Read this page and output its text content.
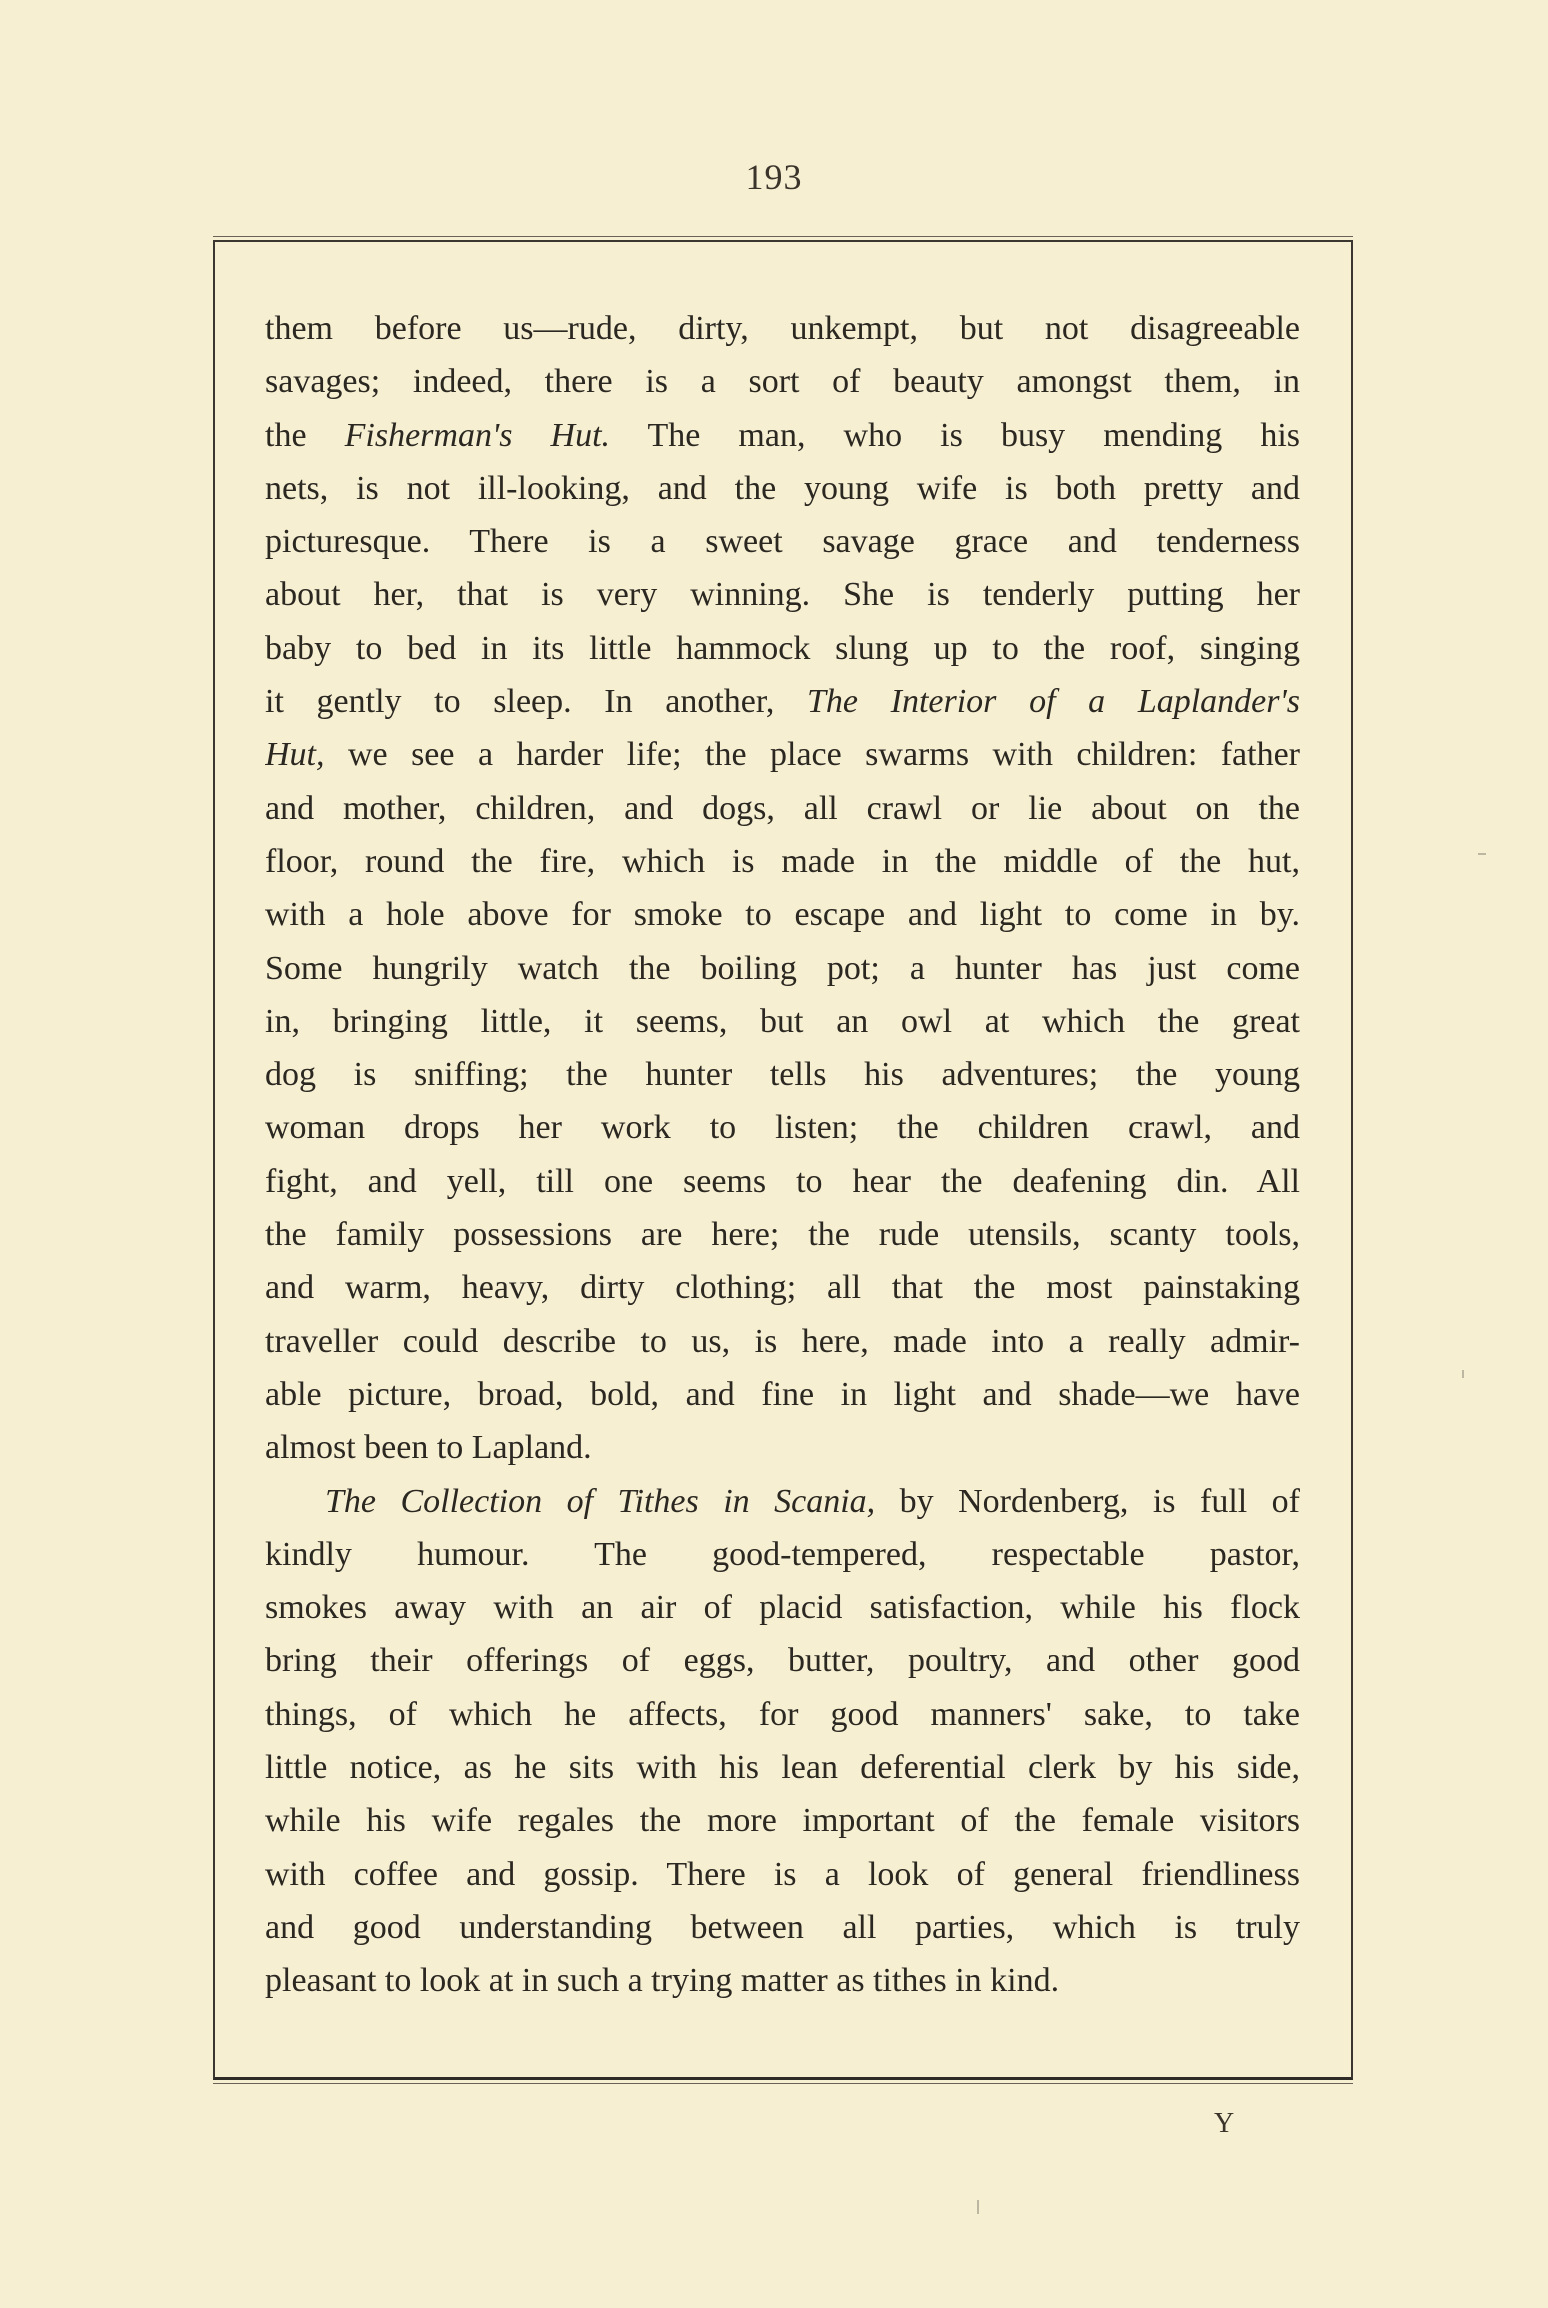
193
them before us—rude, dirty, unkempt, but not disagreeable
savages; indeed, there is a sort of beauty amongst them, in
the Fisherman's Hut. The man, who is busy mending his
nets, is not ill-looking, and the young wife is both pretty and
picturesque. There is a sweet savage grace and tenderness
about her, that is very winning. She is tenderly putting her
baby to bed in its little hammock slung up to the roof, singing
it gently to sleep. In another, The Interior of a Laplander's
Hut, we see a harder life; the place swarms with children: father
and mother, children, and dogs, all crawl or lie about on the
floor, round the fire, which is made in the middle of the hut,
with a hole above for smoke to escape and light to come in by.
Some hungrily watch the boiling pot; a hunter has just come
in, bringing little, it seems, but an owl at which the great
dog is sniffing; the hunter tells his adventures; the young
woman drops her work to listen; the children crawl, and
fight, and yell, till one seems to hear the deafening din. All
the family possessions are here; the rude utensils, scanty tools,
and warm, heavy, dirty clothing; all that the most painstaking
traveller could describe to us, is here, made into a really admir-
able picture, broad, bold, and fine in light and shade—we have
almost been to Lapland.
The Collection of Tithes in Scania, by Nordenberg, is full of
kindly humour. The good-tempered, respectable pastor,
smokes away with an air of placid satisfaction, while his flock
bring their offerings of eggs, butter, poultry, and other good
things, of which he affects, for good manners' sake, to take
little notice, as he sits with his lean deferential clerk by his side,
while his wife regales the more important of the female visitors
with coffee and gossip. There is a look of general friendliness
and good understanding between all parties, which is truly
pleasant to look at in such a trying matter as tithes in kind.
Y
